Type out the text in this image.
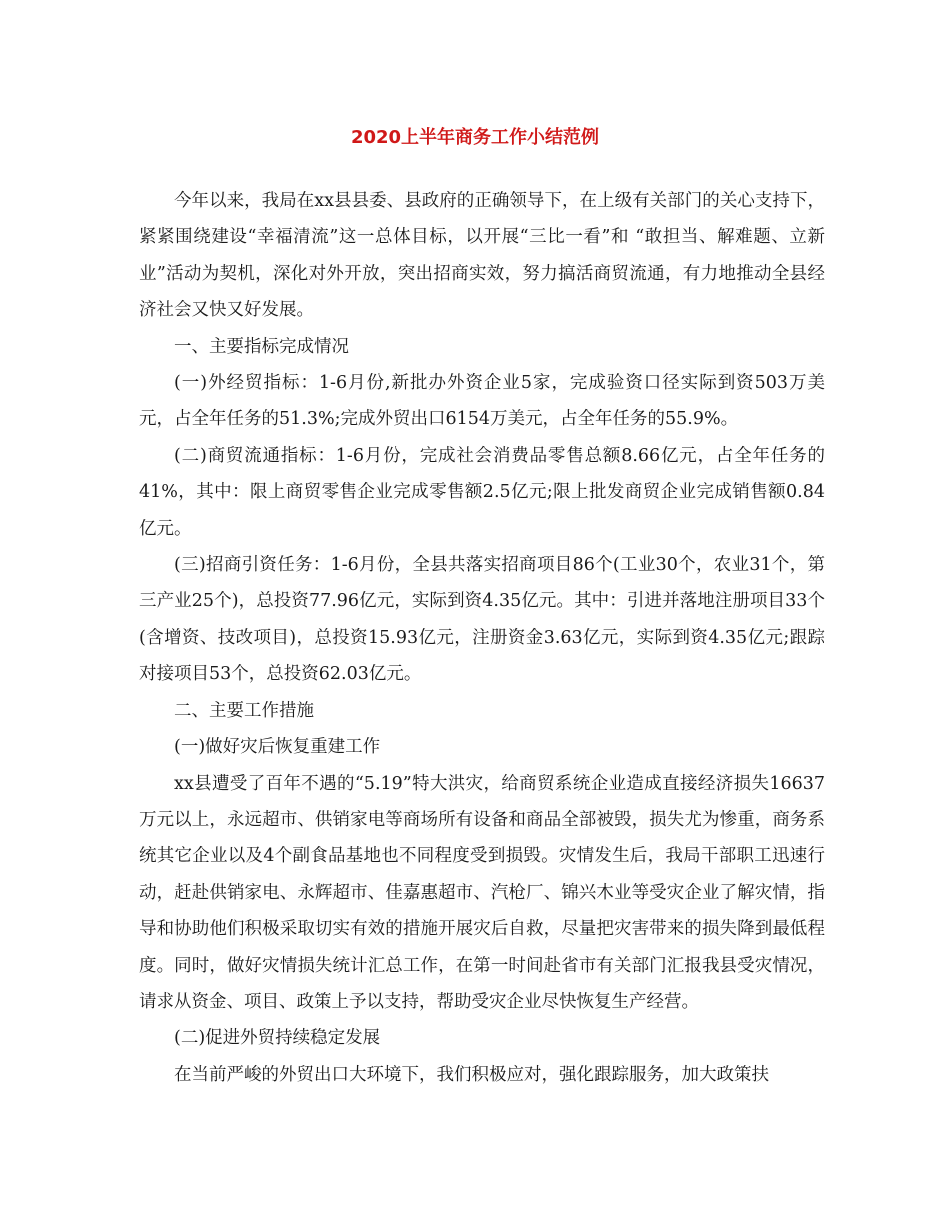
2020上半年商务工作小结范例

今年以来，我局在xx县县委、县政府的正确领导下，在上级有关部门的关心支持下，紧紧围绕建设“幸福清流”这一总体目标，以开展“三比一看”和 “敢担当、解难题、立新业”活动为契机，深化对外开放，突出招商实效，努力搞活商贸流通，有力地推动全县经济社会又快又好发展。

一、主要指标完成情况

(一)外经贸指标：1-6月份,新批办外资企业5家，完成验资口径实际到资503万美元，占全年任务的51.3%;完成外贸出口6154万美元，占全年任务的55.9%。

(二)商贸流通指标：1-6月份，完成社会消费品零售总额8.66亿元，占全年任务的41%，其中：限上商贸零售企业完成零售额2.5亿元;限上批发商贸企业完成销售额0.84亿元。

(三)招商引资任务：1-6月份，全县共落实招商项目86个(工业30个，农业31个，第三产业25个)，总投资77.96亿元，实际到资4.35亿元。其中：引进并落地注册项目33个(含增资、技改项目)，总投资15.93亿元，注册资金3.63亿元，实际到资4.35亿元;跟踪对接项目53个，总投资62.03亿元。

二、主要工作措施

(一)做好灾后恢复重建工作

xx县遭受了百年不遇的“5.19”特大洪灾，给商贸系统企业造成直接经济损失16637万元以上，永远超市、供销家电等商场所有设备和商品全部被毁，损失尤为惨重，商务系统其它企业以及4个副食品基地也不同程度受到损毁。灾情发生后，我局干部职工迅速行动，赶赴供销家电、永辉超市、佳嘉惠超市、汽枪厂、锦兴木业等受灾企业了解灾情，指导和协助他们积极采取切实有效的措施开展灾后自救，尽量把灾害带来的损失降到最低程度。同时，做好灾情损失统计汇总工作，在第一时间赴省市有关部门汇报我县受灾情况，请求从资金、项目、政策上予以支持，帮助受灾企业尽快恢复生产经营。

(二)促进外贸持续稳定发展

在当前严峻的外贸出口大环境下，我们积极应对，强化跟踪服务，加大政策扶
